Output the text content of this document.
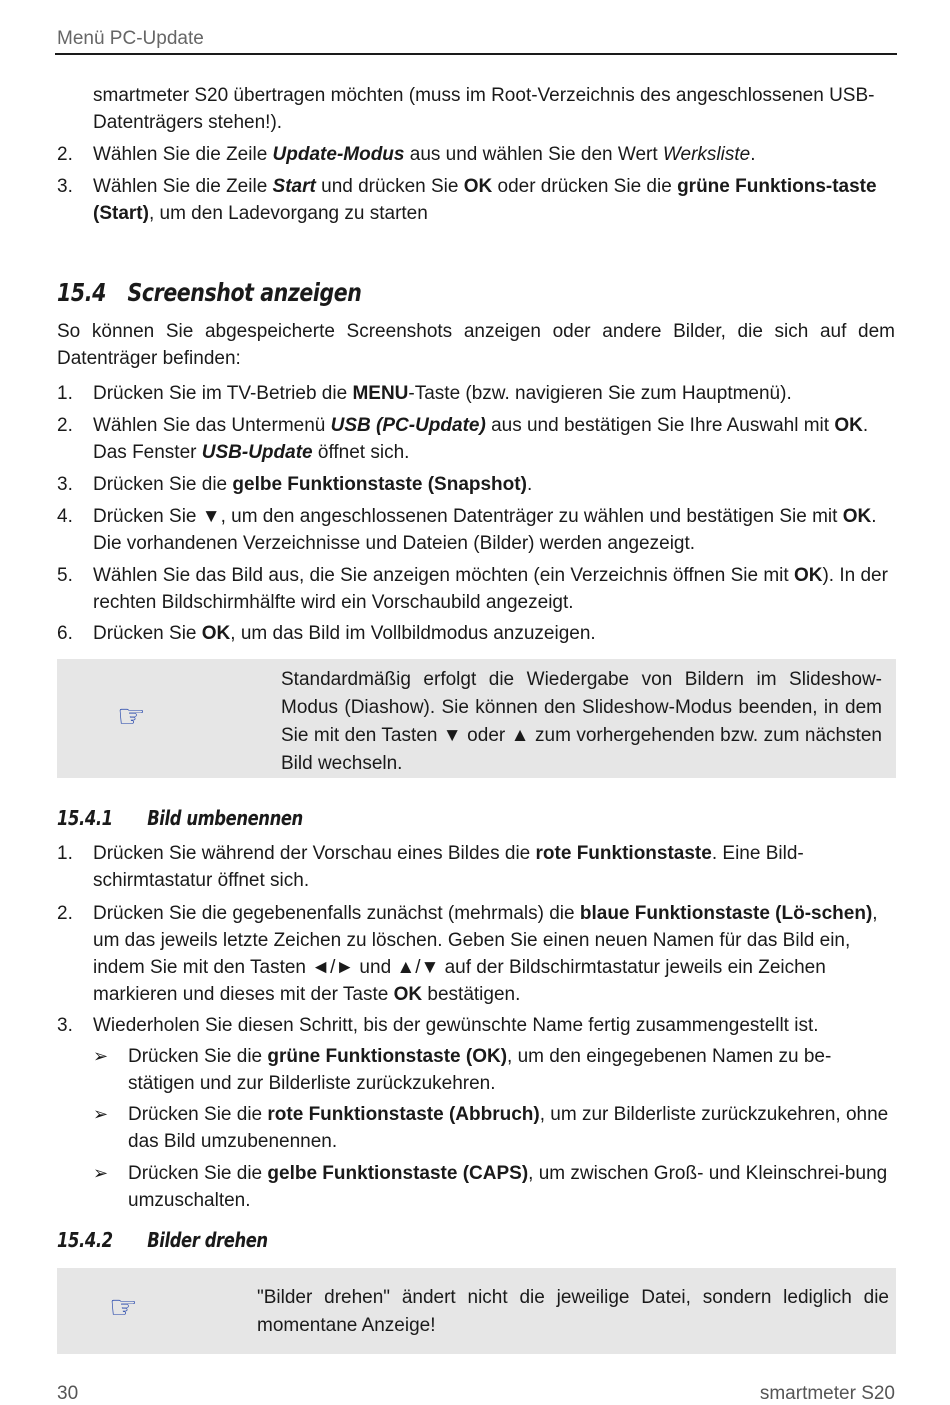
Menü PC-Update
smartmeter S20 übertragen möchten (muss im Root-Verzeichnis des angeschlossenen USB-Datenträgers stehen!).
2. Wählen Sie die Zeile Update-Modus aus und wählen Sie den Wert Werksliste.
3. Wählen Sie die Zeile Start und drücken Sie OK oder drücken Sie die grüne Funktions-taste (Start), um den Ladevorgang zu starten
15.4 Screenshot anzeigen
So können Sie abgespeicherte Screenshots anzeigen oder andere Bilder, die sich auf dem Datenträger befinden:
1. Drücken Sie im TV-Betrieb die MENU-Taste (bzw. navigieren Sie zum Hauptmenü).
2. Wählen Sie das Untermenü USB (PC-Update) aus und bestätigen Sie Ihre Auswahl mit OK. Das Fenster USB-Update öffnet sich.
3. Drücken Sie die gelbe Funktionstaste (Snapshot).
4. Drücken Sie ▼, um den angeschlossenen Datenträger zu wählen und bestätigen Sie mit OK. Die vorhandenen Verzeichnisse und Dateien (Bilder) werden angezeigt.
5. Wählen Sie das Bild aus, die Sie anzeigen möchten (ein Verzeichnis öffnen Sie mit OK). In der rechten Bildschirmhälfte wird ein Vorschaubild angezeigt.
6. Drücken Sie OK, um das Bild im Vollbildmodus anzuzeigen.
☞
Standardmäßig erfolgt die Wiedergabe von Bildern im Slideshow-Modus (Diashow). Sie können den Slideshow-Modus beenden, in dem Sie mit den Tasten ▼ oder ▲ zum vorhergehenden bzw. zum nächsten Bild wechseln.
15.4.1 Bild umbenennen
1. Drücken Sie während der Vorschau eines Bildes die rote Funktionstaste. Eine Bild-schirmtastatur öffnet sich.
2. Drücken Sie die gegebenenfalls zunächst (mehrmals) die blaue Funktionstaste (Lö-schen), um das jeweils letzte Zeichen zu löschen. Geben Sie einen neuen Namen für das Bild ein, indem Sie mit den Tasten ◄/► und ▲/▼ auf der Bildschirmtastatur jeweils ein Zeichen markieren und dieses mit der Taste OK bestätigen.
3. Wiederholen Sie diesen Schritt, bis der gewünschte Name fertig zusammengestellt ist.
➢ Drücken Sie die grüne Funktionstaste (OK), um den eingegebenen Namen zu be-stätigen und zur Bilderliste zurückzukehren.
➢ Drücken Sie die rote Funktionstaste (Abbruch), um zur Bilderliste zurückzukehren, ohne das Bild umzubenennen.
➢ Drücken Sie die gelbe Funktionstaste (CAPS), um zwischen Groß- und Kleinschrei-bung umzuschalten.
15.4.2 Bilder drehen
☞	"Bilder drehen" ändert nicht die jeweilige Datei, sondern lediglich die momentane Anzeige!
30	smartmeter S20
